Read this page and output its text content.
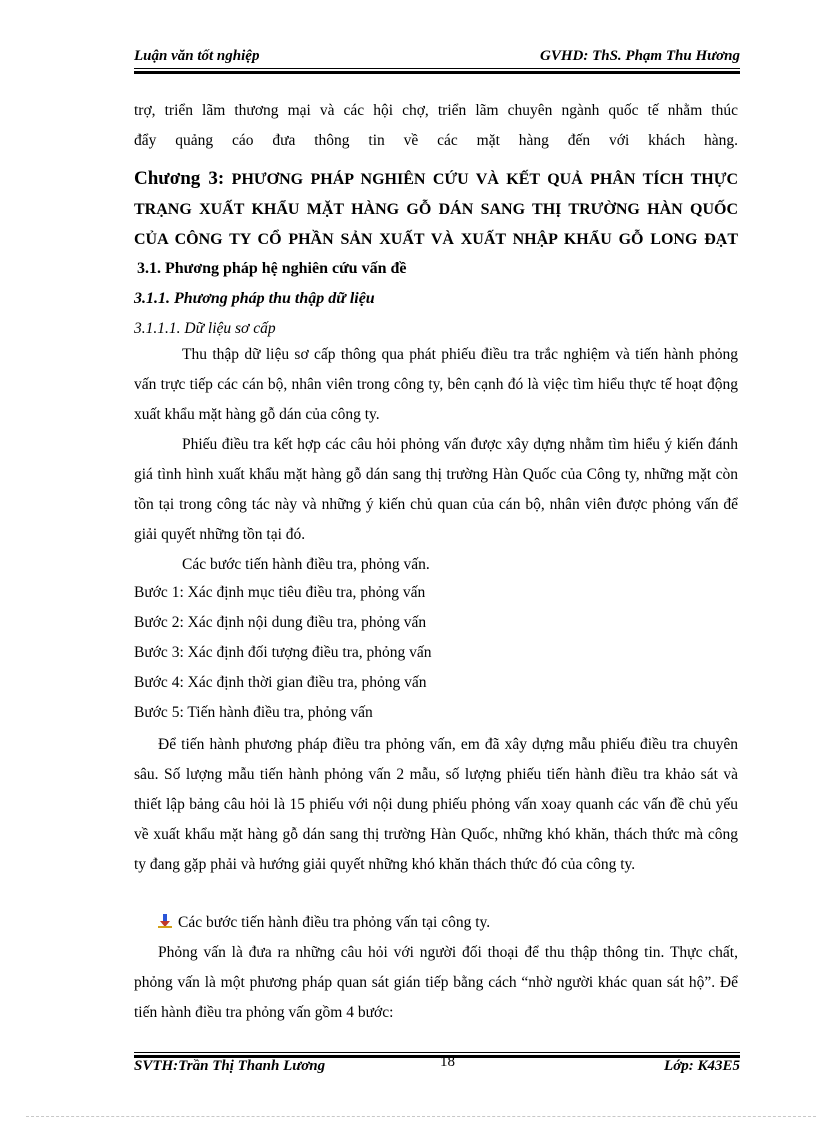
Luận văn tốt nghiệp	GVHD: ThS. Phạm Thu Hương
trợ, triển lãm thương mại và các hội chợ, triển lãm chuyên ngành quốc tế nhằm thúc
đẩy quảng cáo đưa thông tin về các mặt hàng đến với khách hàng.
Chương 3: PHƯƠNG PHÁP NGHIÊN CỨU VÀ KẾT QUẢ PHÂN TÍCH THỰC
TRẠNG XUẤT KHẨU MẶT HÀNG GỖ DÁN SANG THỊ TRƯỜNG HÀN QUỐC
CỦA CÔNG TY CỔ PHẦN SẢN XUẤT VÀ XUẤT NHẬP KHẨU GỖ LONG ĐẠT
3.1. Phương pháp hệ nghiên cứu vấn đề
3.1.1. Phương pháp thu thập dữ liệu
3.1.1.1. Dữ liệu sơ cấp
Thu thập dữ liệu sơ cấp thông qua phát phiếu điều tra trắc nghiệm và tiến hành phỏng vấn trực tiếp các cán bộ, nhân viên trong công ty, bên cạnh đó là việc tìm hiểu thực tế hoạt động xuất khẩu mặt hàng gỗ dán của công ty.
Phiếu điều tra kết hợp các câu hỏi phỏng vấn được xây dựng nhằm tìm hiểu ý kiến đánh giá tình hình xuất khẩu mặt hàng gỗ dán sang thị trường Hàn Quốc của Công ty, những mặt còn tồn tại trong công tác này và những ý kiến chủ quan của cán bộ, nhân viên được phỏng vấn để giải quyết những tồn tại đó.
Các bước tiến hành điều tra, phỏng vấn.
Bước 1: Xác định mục tiêu điều tra, phỏng vấn
Bước 2: Xác định nội dung điều tra, phỏng vấn
Bước 3: Xác định đối tượng điều tra, phỏng vấn
Bước 4: Xác định thời gian điều tra, phỏng vấn
Bước 5: Tiến hành điều tra, phỏng vấn
Để tiến hành phương pháp điều tra phỏng vấn, em đã xây dựng mẫu phiếu điều tra chuyên sâu. Số lượng mẫu tiến hành phỏng vấn 2 mẫu, số lượng phiếu tiến hành điều tra khảo sát và thiết lập bảng câu hỏi là 15 phiếu với nội dung phiếu phỏng vấn xoay quanh các vấn đề chủ yếu về xuất khẩu mặt hàng gỗ dán sang thị trường Hàn Quốc, những khó khăn, thách thức mà công ty đang gặp phải và hướng giải quyết những khó khăn thách thức đó của công ty.
Các bước tiến hành điều tra phỏng vấn tại công ty.
Phỏng vấn là đưa ra những câu hỏi với người đối thoại để thu thập thông tin. Thực chất, phỏng vấn là một phương pháp quan sát gián tiếp bằng cách “nhờ người khác quan sát hộ”. Để tiến hành điều tra phỏng vấn gồm 4 bước:
SVTH:Trần Thị Thanh Lương	18	Lớp: K43E5
